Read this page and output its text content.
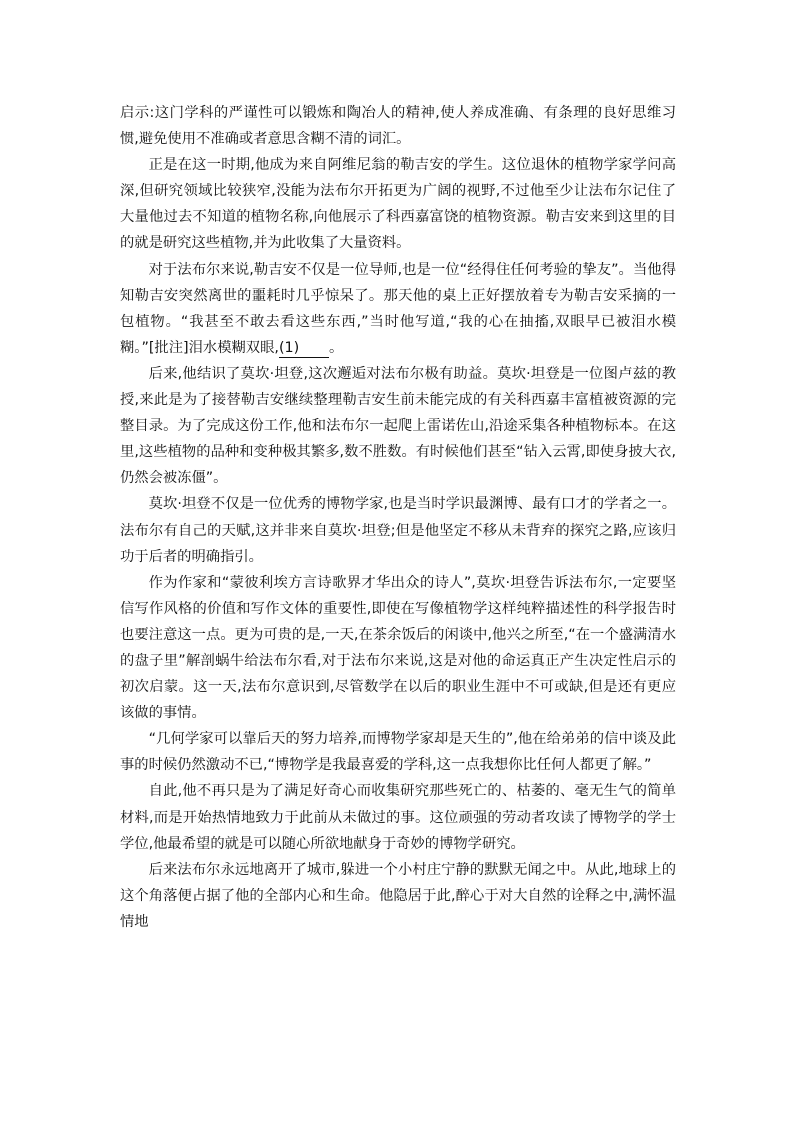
启示:这门学科的严谨性可以锻炼和陶冶人的精神,使人养成准确、有条理的良好思维习惯,避免使用不准确或者意思含糊不清的词汇。

正是在这一时期,他成为来自阿维尼翁的勒吉安的学生。这位退休的植物学家学问高深,但研究领域比较狭窄,没能为法布尔开拓更为广阔的视野,不过他至少让法布尔记住了大量他过去不知道的植物名称,向他展示了科西嘉富饶的植物资源。勒吉安来到这里的目的就是研究这些植物,并为此收集了大量资料。

对于法布尔来说,勒吉安不仅是一位导师,也是一位“经得住任何考验的挚友”。当他得知勒吉安突然离世的噩耗时几乎惊呆了。那天他的桌上正好摆放着专为勒吉安采摘的一包植物。“我甚至不敢去看这些东西,”当时他写道,“我的心在抽搐,双眼早已被泪水模糊。”[批注]泪水模糊双眼,(1) 。

后来,他结识了莫坎·坦登,这次邂逅对法布尔极有助益。莫坎·坦登是一位图卢兹的教授,来此是为了接替勒吉安继续整理勒吉安生前未能完成的有关科西嘉丰富植被资源的完整目录。为了完成这份工作,他和法布尔一起爬上雷诺佐山,沿途采集各种植物标本。在这里,这些植物的品种和变种极其繁多,数不胜数。有时候他们甚至“钻入云霄,即使身披大衣,仍然会被冻僵”。

莫坎·坦登不仅是一位优秀的博物学家,也是当时学识最渊博、最有口才的学者之一。法布尔有自己的天赋,这并非来自莫坎·坦登;但是他坚定不移从未背弃的探究之路,应该归功于后者的明确指引。

作为作家和“蒙彼利埃方言诗歌界才华出众的诗人”,莫坎·坦登告诉法布尔,一定要坚信写作风格的价值和写作文体的重要性,即使在写像植物学这样纯粹描述性的科学报告时也要注意这一点。更为可贵的是,一天,在茶余饭后的闲谈中,他兴之所至,“在一个盛满清水的盘子里”解剖蜗牛给法布尔看,对于法布尔来说,这是对他的命运真正产生决定性启示的初次启蒙。这一天,法布尔意识到,尽管数学在以后的职业生涯中不可或缺,但是还有更应该做的事情。

“几何学家可以靠后天的努力培养,而博物学家却是天生的”,他在给弟弟的信中谈及此事的时候仍然激动不已,“博物学是我最喜爱的学科,这一点我想你比任何人都更了解。”

自此,他不再只是为了满足好奇心而收集研究那些死亡的、枯萎的、毫无生气的简单材料,而是开始热情地致力于此前从未做过的事。这位顽强的劳动者攻读了博物学的学士学位,他最希望的就是可以随心所欲地献身于奇妙的博物学研究。

后来法布尔永远地离开了城市,躲进一个小村庄宁静的默默无闻之中。从此,地球上的这个角落便占据了他的全部内心和生命。他隐居于此,醉心于对大自然的诠释之中,满怀温情地
